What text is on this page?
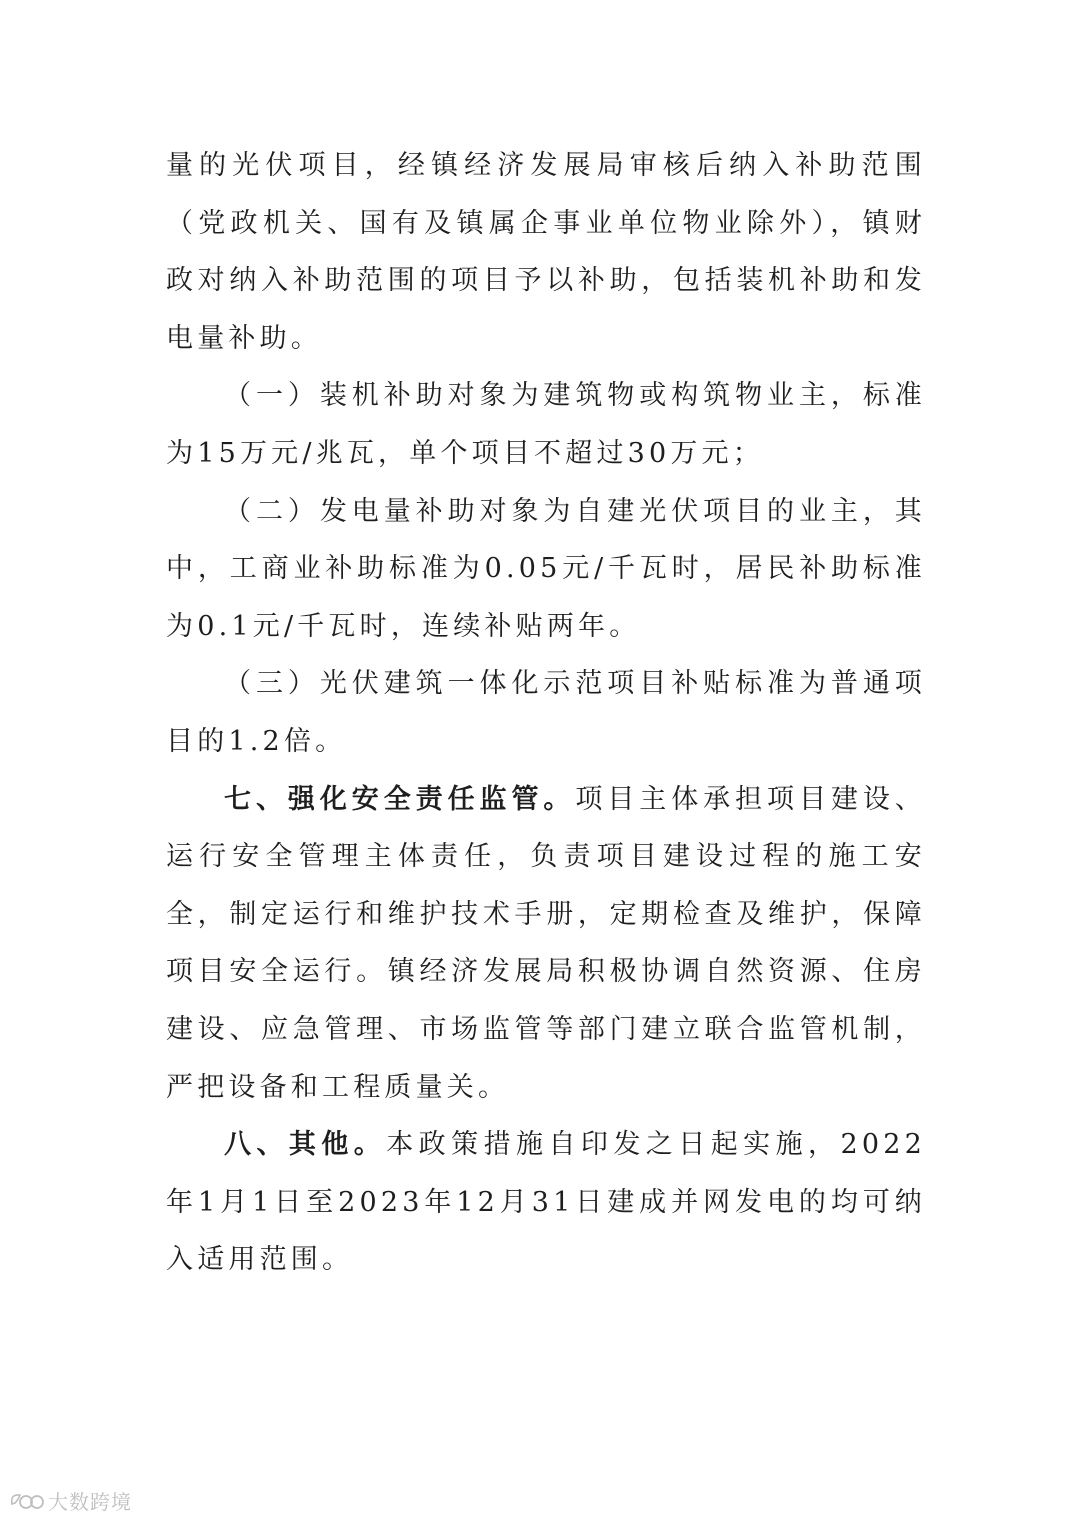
量的光伏项目，经镇经济发展局审核后纳入补助范围（党政机关、国有及镇属企事业单位物业除外），镇财政对纳入补助范围的项目予以补助，包括装机补助和发电量补助。

（一）装机补助对象为建筑物或构筑物业主，标准为15万元/兆瓦，单个项目不超过30万元；

（二）发电量补助对象为自建光伏项目的业主，其中，工商业补助标准为0.05元/千瓦时，居民补助标准为0.1元/千瓦时，连续补贴两年。

（三）光伏建筑一体化示范项目补贴标准为普通项目的1.2倍。

七、强化安全责任监管。项目主体承担项目建设、运行安全管理主体责任，负责项目建设过程的施工安全，制定运行和维护技术手册，定期检查及维护，保障项目安全运行。镇经济发展局积极协调自然资源、住房建设、应急管理、市场监管等部门建立联合监管机制，严把设备和工程质量关。

八、其他。本政策措施自印发之日起实施，2022年1月1日至2023年12月31日建成并网发电的均可纳入适用范围。

大数跨境
